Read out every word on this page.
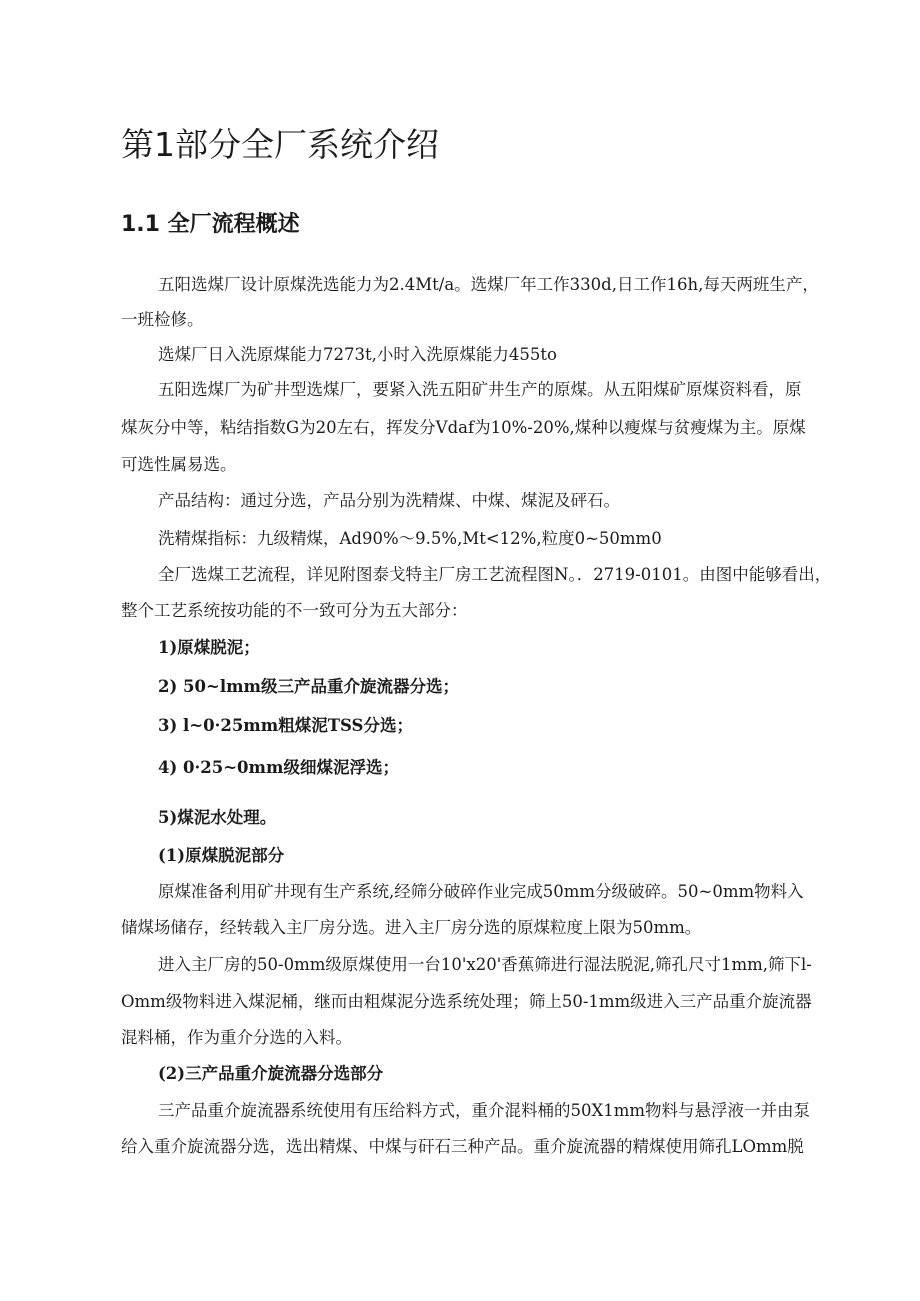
第1部分全厂系统介绍
1.1 全厂流程概述

五阳选煤厂设计原煤洗选能力为2.4Mt/a。选煤厂年工作330d,日工作16h,每天两班生产，

一班检修。

选煤厂日入洗原煤能力7273t,小时入洗原煤能力455to

五阳选煤厂为矿井型选煤厂，要紧入洗五阳矿井生产的原煤。从五阳煤矿原煤资料看，原

煤灰分中等，粘结指数G为20左右，挥发分Vdaf为10%-20%,煤种以瘦煤与贫瘦煤为主。原煤

可选性属易选。

产品结构：通过分选，产品分别为洗精煤、中煤、煤泥及砰石。

洗精煤指标：九级精煤，Ad90%～9.5%,Mt<12%,粒度0~50mm0

全厂选煤工艺流程，详见附图泰戈特主厂房工艺流程图N。．2719-0101。由图中能够看出，

整个工艺系统按功能的不一致可分为五大部分：

1)原煤脱泥；

2) 50~lmm级三产品重介旋流器分选；

3) l~0·25mm粗煤泥TSS分选；

4) 0·25~0mm级细煤泥浮选；

5)煤泥水处理。

(1)原煤脱泥部分

原煤准备利用矿井现有生产系统,经筛分破碎作业完成50mm分级破碎。50~0mm物料入

储煤场储存，经转载入主厂房分选。进入主厂房分选的原煤粒度上限为50mm。

进入主厂房的50-0mm级原煤使用一台10'x20'香蕉筛进行湿法脱泥,筛孔尺寸1mm,筛下l-

Omm级物料进入煤泥桶，继而由粗煤泥分选系统处理；筛上50-1mm级进入三产品重介旋流器

混料桶，作为重介分选的入料。

(2)三产品重介旋流器分选部分

三产品重介旋流器系统使用有压给料方式，重介混料桶的50X1mm物料与悬浮液一并由泵

给入重介旋流器分选，选出精煤、中煤与矸石三种产品。重介旋流器的精煤使用筛孔LOmm脱
